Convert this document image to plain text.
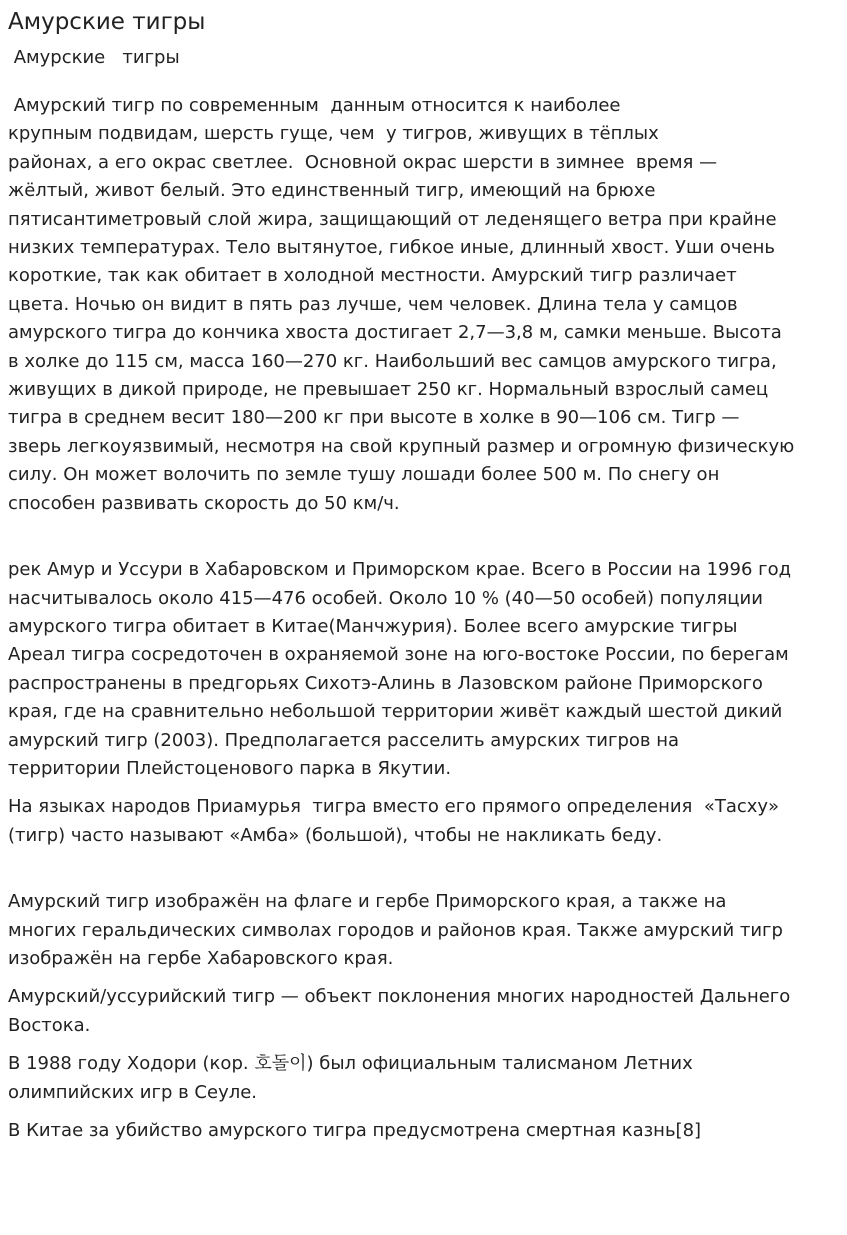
Амурские тигры
Амурские   тигры
Амурский тигр по современным  данным относится к наиболее
крупным подвидам, шерсть гуще, чем  у тигров, живущих в тёплых
районах, а его окрас светлее.  Основной окрас шерсти в зимнее  время —
жёлтый, живот белый. Это единственный тигр, имеющий на брюхе
пятисантиметровый слой жира, защищающий от леденящего ветра при крайне
низких температурах. Тело вытянутое, гибкое иные, длинный хвост. Уши очень
короткие, так как обитает в холодной местности. Амурский тигр различает
цвета. Ночью он видит в пять раз лучше, чем человек. Длина тела у самцов
амурского тигра до кончика хвоста достигает 2,7—3,8 м, самки меньше. Высота
в холке до 115 см, масса 160—270 кг. Наибольший вес самцов амурского тигра,
живущих в дикой природе, не превышает 250 кг. Нормальный взрослый самец
тигра в среднем весит 180—200 кг при высоте в холке в 90—106 см. Тигр —
зверь легкоуязвимый, несмотря на свой крупный размер и огромную физическую
силу. Он может волочить по земле тушу лошади более 500 м. По снегу он
способен развивать скорость до 50 км/ч.
рек Амур и Уссури в Хабаровском и Приморском крае. Всего в России на 1996 год
насчитывалось около 415—476 особей. Около 10 % (40—50 особей) популяции
амурского тигра обитает в Китае(Манчжурия). Более всего амурские тигры
Ареал тигра сосредоточен в охраняемой зоне на юго-востоке России, по берегам
распространены в предгорьях Сихотэ-Алинь в Лазовском районе Приморского
края, где на сравнительно небольшой территории живёт каждый шестой дикий
амурский тигр (2003). Предполагается расселить амурских тигров на
территории Плейстоценового парка в Якутии.
На языках народов Приамурья  тигра вместо его прямого определения  «Тасху»
(тигр) часто называют «Амба» (большой), чтобы не накликать беду.
Амурский тигр изображён на флаге и гербе Приморского края, а также на
многих геральдических символах городов и районов края. Также амурский тигр
изображён на гербе Хабаровского края.
Амурский/уссурийский тигр — объект поклонения многих народностей Дальнего
Востока.
В 1988 году Ходори (кор. 호돌이) был официальным талисманом Летних
олимпийских игр в Сеуле.
В Китае за убийство амурского тигра предусмотрена смертная казнь[8]
